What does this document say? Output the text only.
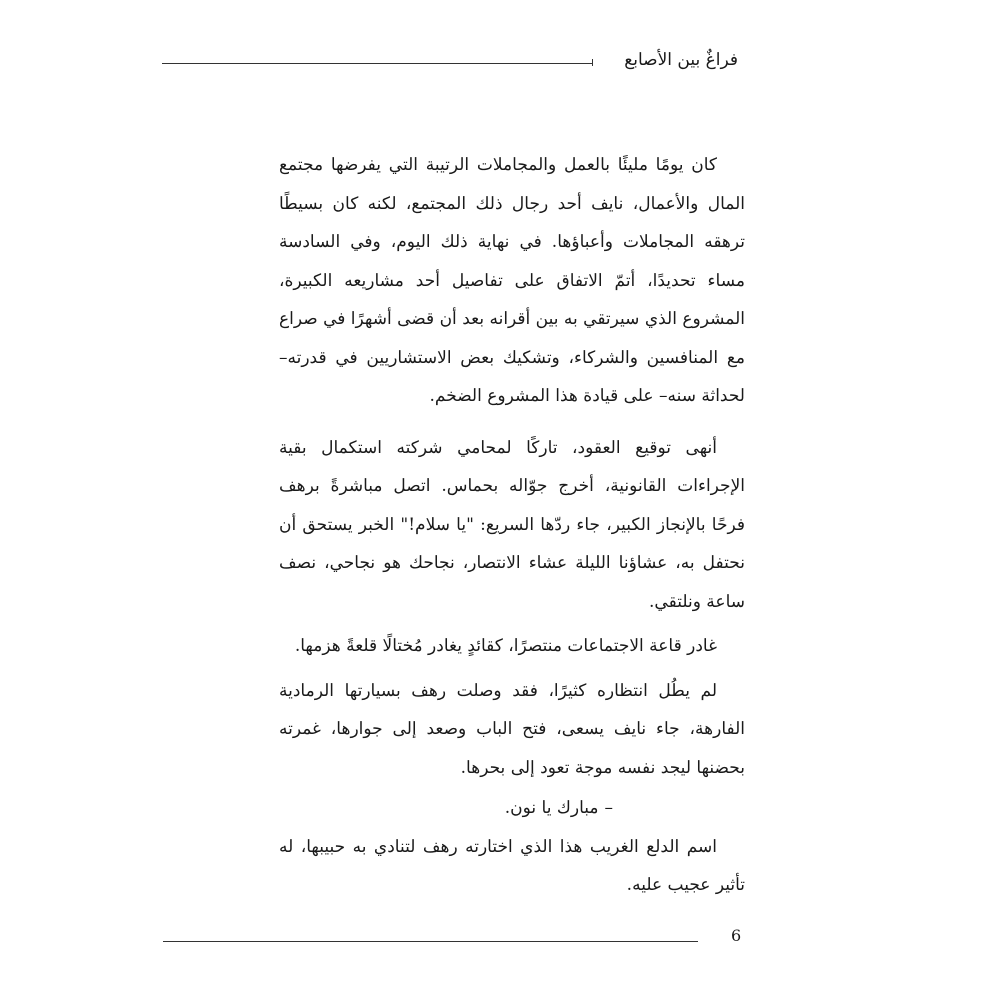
فراغٌ بين الأصابع

كان يومًا مليئًا بالعمل والمجاملات الرتيبة التي يفرضها مجتمع المال والأعمال، نايف أحد رجال ذلك المجتمع، لكنه كان بسيطًا ترهقه المجاملات وأعباؤها. في نهاية ذلك اليوم، وفي السادسة مساء تحديدًا، أتمّ الاتفاق على تفاصيل أحد مشاريعه الكبيرة، المشروع الذي سيرتقي به بين أقرانه بعد أن قضى أشهرًا في صراع مع المنافسين والشركاء، وتشكيك بعض الاستشاريين في قدرته– لحداثة سنه– على قيادة هذا المشروع الضخم.

أنهى توقيع العقود، تاركًا لمحامي شركته استكمال بقية الإجراءات القانونية، أخرج جوّاله بحماس. اتصل مباشرةً برهف فرحًا بالإنجاز الكبير، جاء ردّها السريع: "يا سلام!" الخبر يستحق أن نحتفل به، عشاؤنا الليلة عشاء الانتصار، نجاحك هو نجاحي، نصف ساعة ونلتقي.

غادر قاعة الاجتماعات منتصرًا، كقائدٍ يغادر مُختالًا قلعةً هزمها.

لم يطُل انتظاره كثيرًا، فقد وصلت رهف بسيارتها الرمادية الفارهة، جاء نايف يسعى، فتح الباب وصعد إلى جوارها، غمرته بحضنها ليجد نفسه موجة تعود إلى بحرها.

–مبارك يا نون.

اسم الدلع الغريب هذا الذي اختارته رهف لتنادي به حبيبها، له تأثير عجيب عليه.

6
